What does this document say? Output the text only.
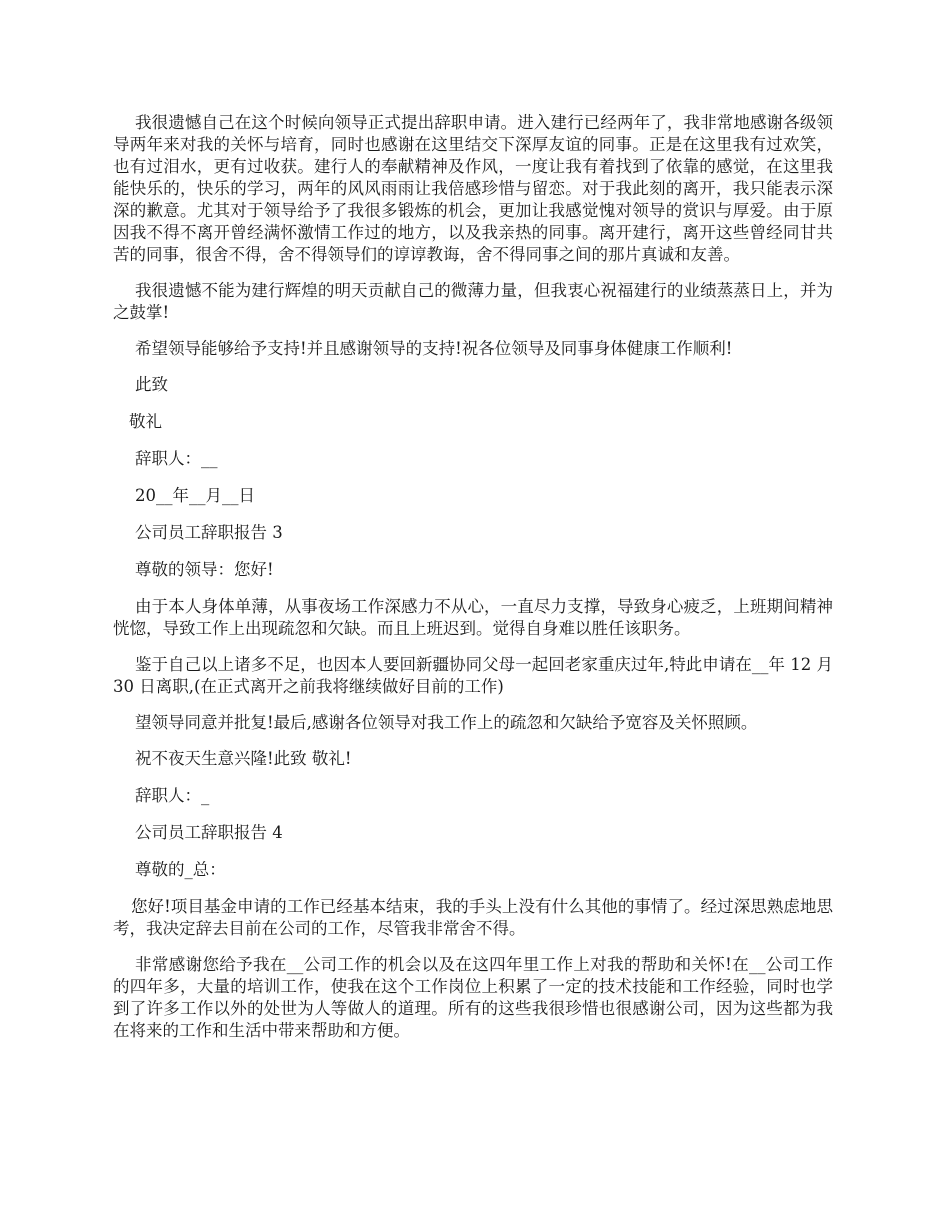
我很遗憾自己在这个时候向领导正式提出辞职申请。进入建行已经两年了，我非常地感谢各级领导两年来对我的关怀与培育，同时也感谢在这里结交下深厚友谊的同事。正是在这里我有过欢笑，也有过泪水，更有过收获。建行人的奉献精神及作风，一度让我有着找到了依靠的感觉，在这里我能快乐的，快乐的学习，两年的风风雨雨让我倍感珍惜与留恋。对于我此刻的离开，我只能表示深深的歉意。尤其对于领导给予了我很多锻炼的机会，更加让我感觉愧对领导的赏识与厚爱。由于原因我不得不离开曾经满怀激情工作过的地方，以及我亲热的同事。离开建行，离开这些曾经同甘共苦的同事，很舍不得，舍不得领导们的谆谆教诲，舍不得同事之间的那片真诚和友善。

我很遗憾不能为建行辉煌的明天贡献自己的微薄力量，但我衷心祝福建行的业绩蒸蒸日上，并为之鼓掌!

希望领导能够给予支持!并且感谢领导的支持!祝各位领导及同事身体健康工作顺利!

此致

敬礼

辞职人：__

20__年__月__日

公司员工辞职报告 3

尊敬的领导：您好!

由于本人身体单薄，从事夜场工作深感力不从心，一直尽力支撑，导致身心疲乏，上班期间精神恍惚，导致工作上出现疏忽和欠缺。而且上班迟到。觉得自身难以胜任该职务。

鉴于自己以上诸多不足，也因本人要回新疆协同父母一起回老家重庆过年,特此申请在__年 12 月 30 日离职,(在正式离开之前我将继续做好目前的工作)

望领导同意并批复!最后,感谢各位领导对我工作上的疏忽和欠缺给予宽容及关怀照顾。

祝不夜天生意兴隆!此致 敬礼!

辞职人：_

公司员工辞职报告 4

尊敬的_总：

您好!项目基金申请的工作已经基本结束，我的手头上没有什么其他的事情了。经过深思熟虑地思考，我决定辞去目前在公司的工作，尽管我非常舍不得。

非常感谢您给予我在__公司工作的机会以及在这四年里工作上对我的帮助和关怀!在__公司工作的四年多，大量的培训工作，使我在这个工作岗位上积累了一定的技术技能和工作经验，同时也学到了许多工作以外的处世为人等做人的道理。所有的这些我很珍惜也很感谢公司，因为这些都为我在将来的工作和生活中带来帮助和方便。
